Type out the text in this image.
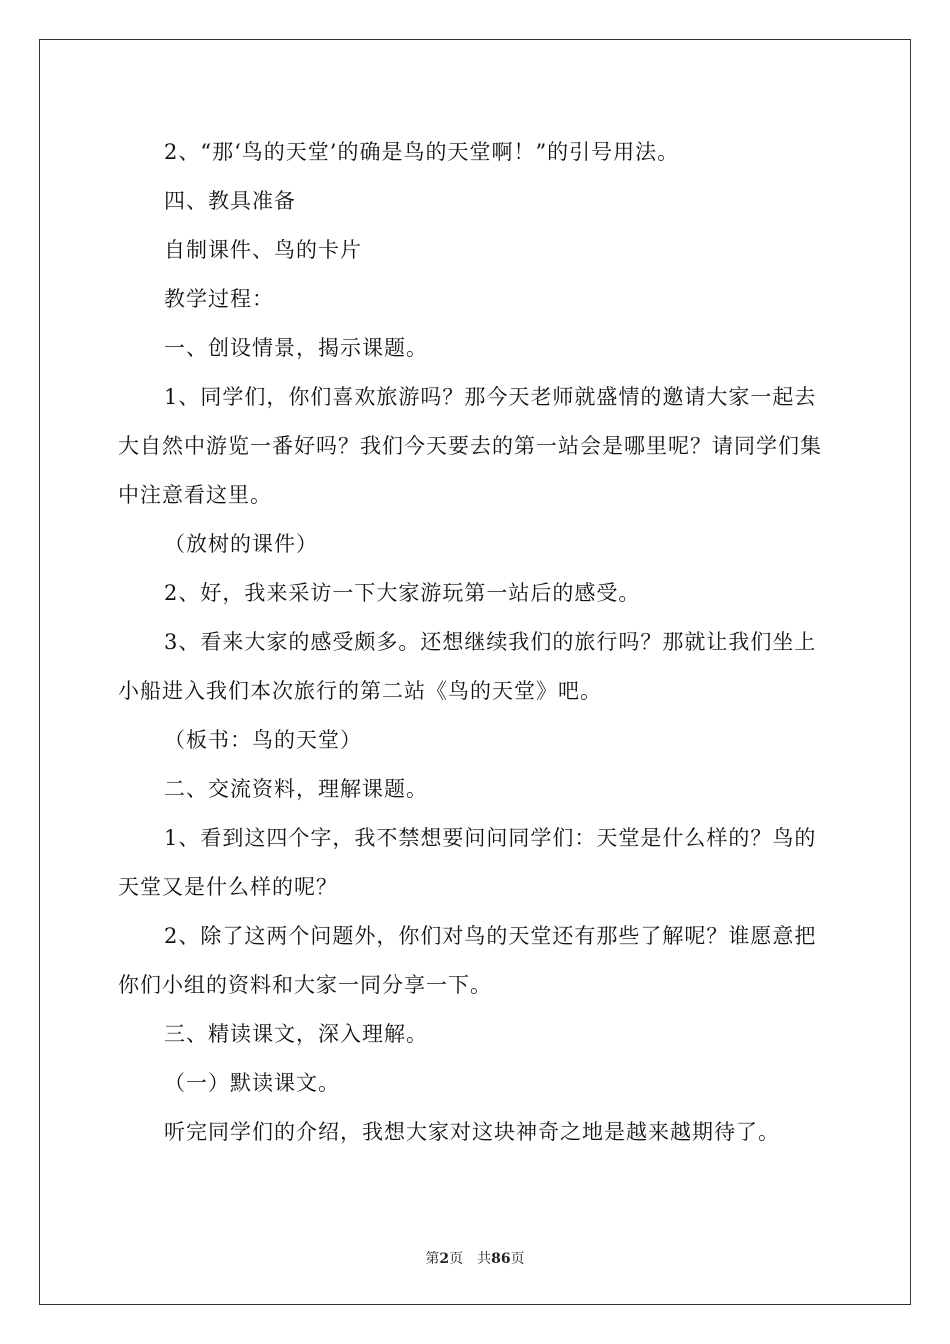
2、“那‘鸟的天堂’的确是鸟的天堂啊！”的引号用法。

四、教具准备

自制课件、鸟的卡片

教学过程：

一、创设情景，揭示课题。

1、同学们，你们喜欢旅游吗？那今天老师就盛情的邀请大家一起去大自然中游览一番好吗？我们今天要去的第一站会是哪里呢？请同学们集中注意看这里。

（放树的课件）

2、好，我来采访一下大家游玩第一站后的感受。

3、看来大家的感受颇多。还想继续我们的旅行吗？那就让我们坐上小船进入我们本次旅行的第二站《鸟的天堂》吧。

（板书：鸟的天堂）

二、交流资料，理解课题。

1、看到这四个字，我不禁想要问问同学们：天堂是什么样的？鸟的天堂又是什么样的呢？

2、除了这两个问题外，你们对鸟的天堂还有那些了解呢？谁愿意把你们小组的资料和大家一同分享一下。

三、精读课文，深入理解。

（一）默读课文。

听完同学们的介绍，我想大家对这块神奇之地是越来越期待了。

第2页　共86页
